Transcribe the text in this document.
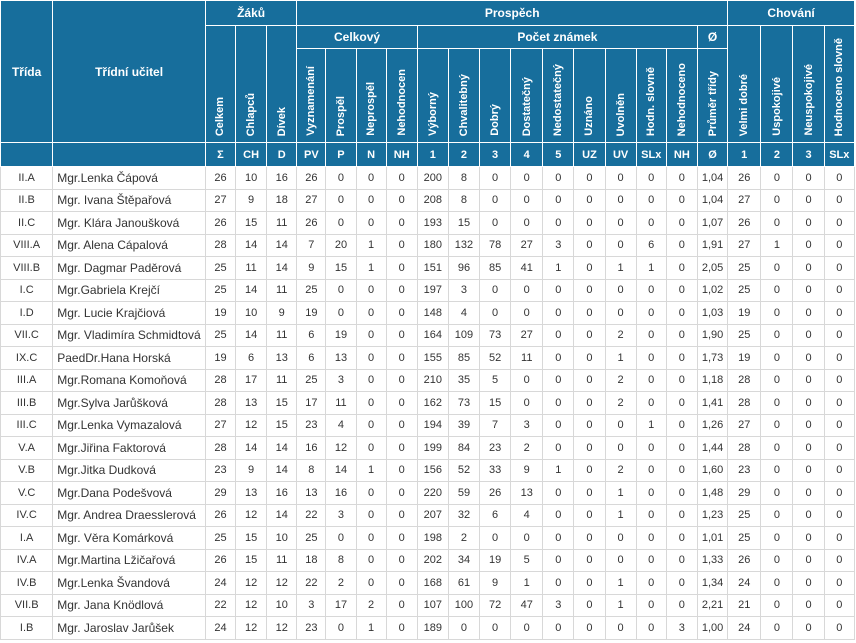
Třída	Třídní učitel	Žáků			Prospěch														Chování			
		Celkem	Chlapců	Dívek	Celkový				Počet známek									Ø	Velmi dobré	Uspokojivé	Neuspokojivé	Hodnoceno slovně
					Vyznamenání	Prospěl	Neprospěl	Nehodnocen	Výborný	Chvalitebný	Dobrý	Dostatečný	Nedostatečný	Uznáno	Uvolněn	Hodn. slovně	Nehodnoceno	Průměr třídy				
		Σ	CH	D	PV	P	N	NH	1	2	3	4	5	UZ	UV	SLx	NH	Ø	1	2	3	SLx
II.A	Mgr.Lenka Čápová	26	10	16	26	0	0	0	200	8	0	0	0	0	0	0	0	1,04	26	0	0	0
II.B	Mgr. Ivana Štěpařová	27	9	18	27	0	0	0	208	8	0	0	0	0	0	0	0	1,04	27	0	0	0
II.C	Mgr. Klára Janoušková	26	15	11	26	0	0	0	193	15	0	0	0	0	0	0	0	1,07	26	0	0	0
VIII.A	Mgr. Alena Cápalová	28	14	14	7	20	1	0	180	132	78	27	3	0	0	6	0	1,91	27	1	0	0
VIII.B	Mgr. Dagmar Paděrová	25	11	14	9	15	1	0	151	96	85	41	1	0	1	1	0	2,05	25	0	0	0
I.C	Mgr.Gabriela Krejčí	25	14	11	25	0	0	0	197	3	0	0	0	0	0	0	0	1,02	25	0	0	0
I.D	Mgr. Lucie Krajčiová	19	10	9	19	0	0	0	148	4	0	0	0	0	0	0	0	1,03	19	0	0	0
VII.C	Mgr. Vladimíra Schmidtová	25	14	11	6	19	0	0	164	109	73	27	0	0	2	0	0	1,90	25	0	0	0
IX.C	PaedDr.Hana Horská	19	6	13	6	13	0	0	155	85	52	11	0	0	1	0	0	1,73	19	0	0	0
III.A	Mgr.Romana Komoňová	28	17	11	25	3	0	0	210	35	5	0	0	0	2	0	0	1,18	28	0	0	0
III.B	Mgr.Sylva Jarůšková	28	13	15	17	11	0	0	162	73	15	0	0	0	2	0	0	1,41	28	0	0	0
III.C	Mgr.Lenka Vymazalová	27	12	15	23	4	0	0	194	39	7	3	0	0	0	1	0	1,26	27	0	0	0
V.A	Mgr.Jiřina Faktorová	28	14	14	16	12	0	0	199	84	23	2	0	0	0	0	0	1,44	28	0	0	0
V.B	Mgr.Jitka Dudková	23	9	14	8	14	1	0	156	52	33	9	1	0	2	0	0	1,60	23	0	0	0
V.C	Mgr.Dana Podešvová	29	13	16	13	16	0	0	220	59	26	13	0	0	1	0	0	1,48	29	0	0	0
IV.C	Mgr. Andrea Draesslerová	26	12	14	22	3	0	0	207	32	6	4	0	0	1	0	0	1,23	25	0	0	0
I.A	Mgr. Věra Komárková	25	15	10	25	0	0	0	198	2	0	0	0	0	0	0	0	1,01	25	0	0	0
IV.A	Mgr.Martina Lžičařová	26	15	11	18	8	0	0	202	34	19	5	0	0	0	0	0	1,33	26	0	0	0
IV.B	Mgr.Lenka Švandová	24	12	12	22	2	0	0	168	61	9	1	0	0	1	0	0	1,34	24	0	0	0
VII.B	Mgr. Jana Knödlová	22	12	10	3	17	2	0	107	100	72	47	3	0	1	0	0	2,21	21	0	0	0
I.B	Mgr. Jaroslav Jarůšek	24	12	12	23	0	1	0	189	0	0	0	0	0	0	0	3	1,00	24	0	0	0
